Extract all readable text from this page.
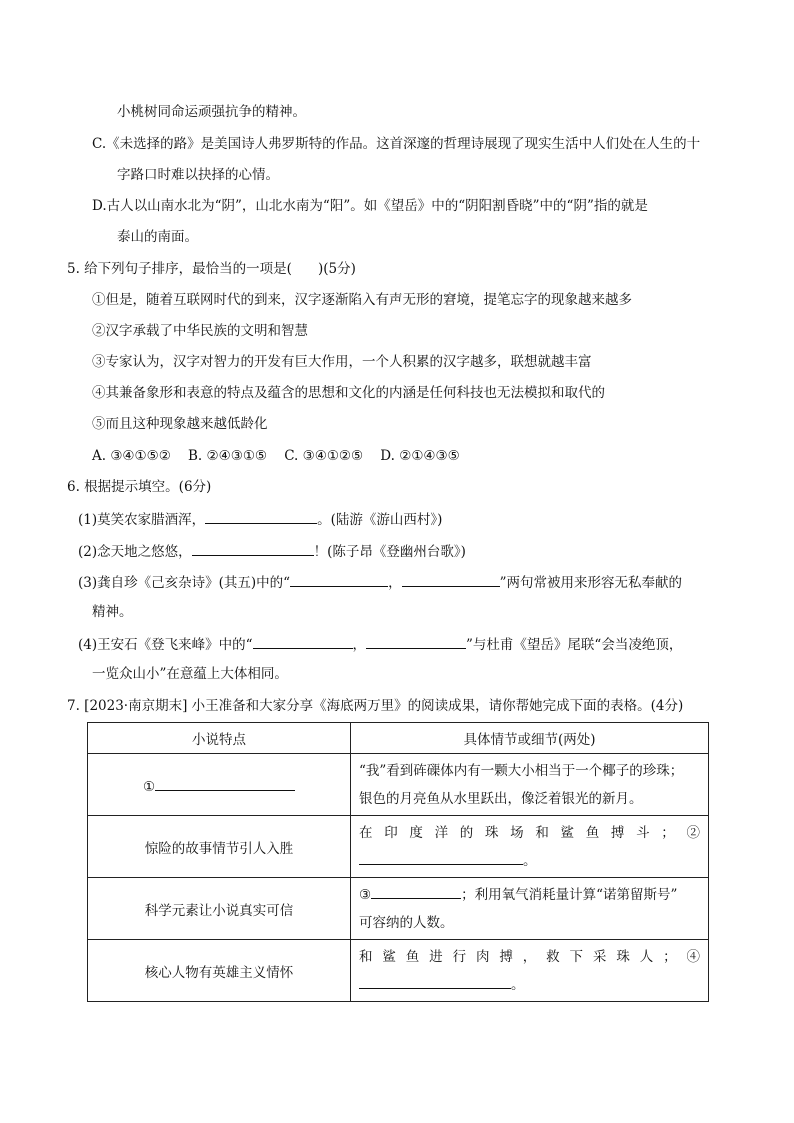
小桃树同命运顽强抗争的精神。
C.《未选择的路》是美国诗人弗罗斯特的作品。这首深邃的哲理诗展现了现实生活中人们处在人生的十
字路口时难以抉择的心情。
D.古人以山南水北为“阴”，山北水南为“阳”。如《望岳》中的“阴阳割昏晓”中的“阴”指的就是
泰山的南面。
5. 给下列句子排序，最恰当的一项是( )(5分)
①但是，随着互联网时代的到来，汉字逐渐陷入有声无形的窘境，提笔忘字的现象越来越多
②汉字承载了中华民族的文明和智慧
③专家认为，汉字对智力的开发有巨大作用，一个人积累的汉字越多，联想就越丰富
④其兼备象形和表意的特点及蕴含的思想和文化的内涵是任何科技也无法模拟和取代的
⑤而且这种现象越来越低龄化
A. ③④①⑤②    B. ②④③①⑤    C. ③④①②⑤    D. ②①④③⑤
6. 根据提示填空。(6分)
(1)莫笑农家腊酒浑，	。(陆游《游山西村》)
(2)念天地之悠悠，	！(陈子昂《登幽州台歌》)
(3)龚自珍《己亥杂诗》(其五)中的“	，	”两句常被用来形容无私奉献的
精神。
(4)王安石《登飞来峰》中的“	，	”与杜甫《望岳》尾联“会当凌绝顶，
一览众山小”在意蕴上大体相同。
7. [2023·南京期末] 小王准备和大家分享《海底两万里》的阅读成果，请你帮她完成下面的表格。(4分)
小说特点	具体情节或细节(两处)
①	“我”看到砗磲体内有一颗大小相当于一个椰子的珍珠；
银色的月亮鱼从水里跃出，像泛着银光的新月。

惊险的故事情节引人入胜	在印度洋的珠场和鲨鱼搏斗；②
。

科学元素让小说真实可信	③ ；利用氧气消耗量计算“诺第留斯号”
可容纳的人数。

核心人物有英雄主义情怀	和鲨鱼进行肉搏，救下采珠人；④
。
